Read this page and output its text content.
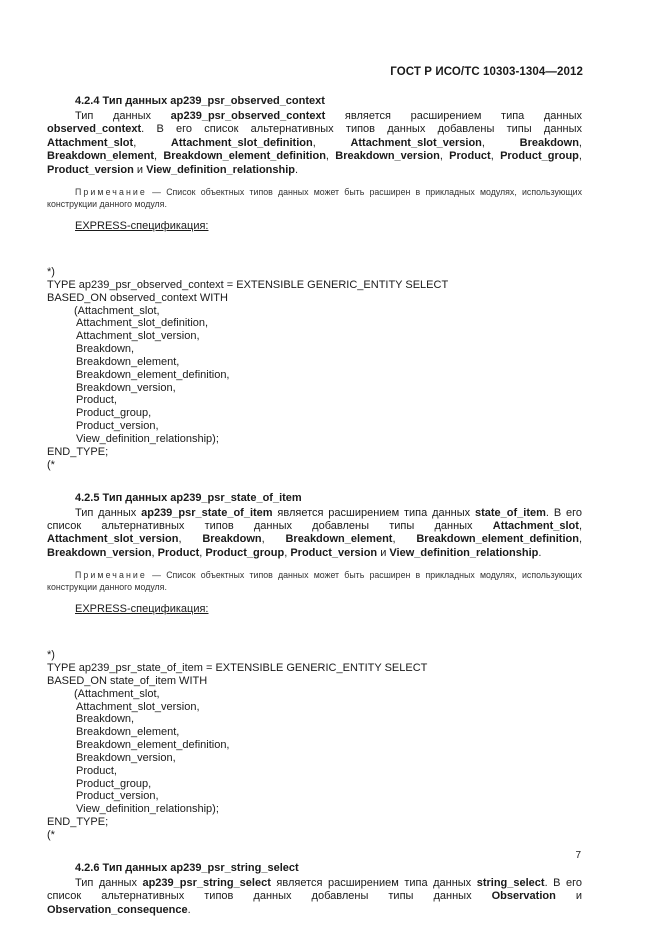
ГОСТ Р ИСО/ТС 10303-1304—2012
4.2.4 Тип данных ap239_psr_observed_context

Тип данных ap239_psr_observed_context является расширением типа данных observed_context. В его список альтернативных типов данных добавлены типы данных Attachment_slot, Attachment_slot_definition, Attachment_slot_version, Breakdown, Breakdown_element, Breakdown_element_definition, Breakdown_version, Product, Product_group, Product_version и View_definition_relationship.

Примечание — Список объектных типов данных может быть расширен в прикладных модулях, использующих конструкции данного модуля.

EXPRESS-спецификация:
*)
TYPE ap239_psr_observed_context = EXTENSIBLE GENERIC_ENTITY SELECT
BASED_ON observed_context WITH
(Attachment_slot,
Attachment_slot_definition,
Attachment_slot_version,
Breakdown,
Breakdown_element,
Breakdown_element_definition,
Breakdown_version,
Product,
Product_group,
Product_version,
View_definition_relationship);
END_TYPE;
(*
4.2.5 Тип данных ap239_psr_state_of_item

Тип данных ap239_psr_state_of_item является расширением типа данных state_of_item. В его список альтернативных типов данных добавлены типы данных Attachment_slot, Attachment_slot_version, Breakdown, Breakdown_element, Breakdown_element_definition, Breakdown_version, Product, Product_group, Product_version и View_definition_relationship.

Примечание — Список объектных типов данных может быть расширен в прикладных модулях, использующих конструкции данного модуля.

EXPRESS-спецификация:
*)
TYPE ap239_psr_state_of_item = EXTENSIBLE GENERIC_ENTITY SELECT
BASED_ON state_of_item WITH
(Attachment_slot,
Attachment_slot_version,
Breakdown,
Breakdown_element,
Breakdown_element_definition,
Breakdown_version,
Product,
Product_group,
Product_version,
View_definition_relationship);
END_TYPE;
(*
4.2.6 Тип данных ap239_psr_string_select

Тип данных ap239_psr_string_select является расширением типа данных string_select. В его список альтернативных типов данных добавлены типы данных Observation и Observation_consequence.

7
